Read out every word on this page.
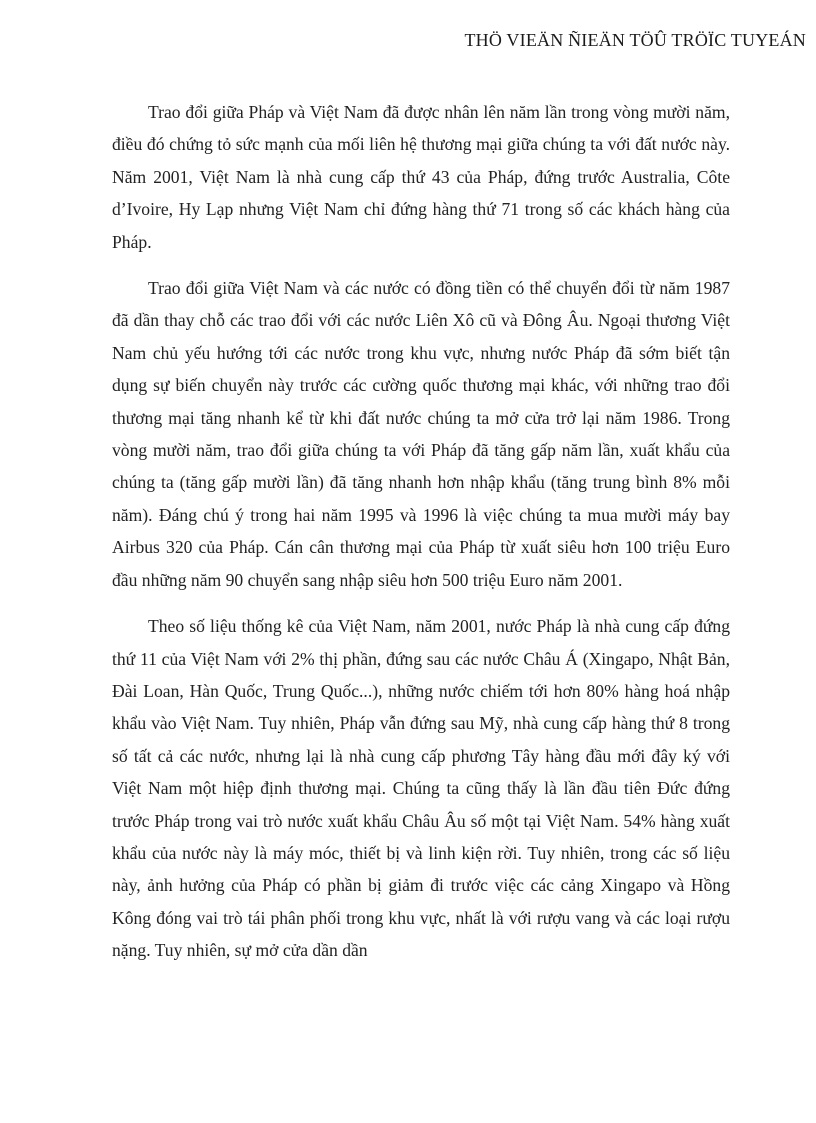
THÖ VIEÄN ÑIEÄN TÖÛ TRÖÏC TUYEÁN

Trao đổi giữa Pháp và Việt Nam đã được nhân lên năm lần trong vòng mười năm, điều đó chứng tỏ sức mạnh của mối liên hệ thương mại giữa chúng ta với đất nước này. Năm 2001, Việt Nam là nhà cung cấp thứ 43 của Pháp, đứng trước Australia, Côte d’Ivoire, Hy Lạp nhưng Việt Nam chỉ đứng hàng thứ 71 trong số các khách hàng của Pháp.

Trao đổi giữa Việt Nam và các nước có đồng tiền có thể chuyển đổi từ năm 1987 đã dần thay chỗ các trao đổi với các nước Liên Xô cũ và Đông Âu. Ngoại thương Việt Nam chủ yếu hướng tới các nước trong khu vực, nhưng nước Pháp đã sớm biết tận dụng sự biến chuyển này trước các cường quốc thương mại khác, với những trao đổi thương mại tăng nhanh kể từ khi đất nước chúng ta mở cửa trở lại năm 1986. Trong vòng mười năm, trao đổi giữa chúng ta với Pháp đã tăng gấp năm lần, xuất khẩu của chúng ta (tăng gấp mười lần) đã tăng nhanh hơn nhập khẩu (tăng trung bình 8% mỗi năm). Đáng chú ý trong hai năm 1995 và 1996 là việc chúng ta mua mười máy bay Airbus 320 của Pháp. Cán cân thương mại của Pháp từ xuất siêu hơn 100 triệu Euro đầu những năm 90 chuyển sang nhập siêu hơn 500 triệu Euro năm 2001.

Theo số liệu thống kê của Việt Nam, năm 2001, nước Pháp là nhà cung cấp đứng thứ 11 của Việt Nam với 2% thị phần, đứng sau các nước Châu Á (Xingapo, Nhật Bản, Đài Loan, Hàn Quốc, Trung Quốc...), những nước chiếm tới hơn 80% hàng hoá nhập khẩu vào Việt Nam. Tuy nhiên, Pháp vẫn đứng sau Mỹ, nhà cung cấp hàng thứ 8 trong số tất cả các nước, nhưng lại là nhà cung cấp phương Tây hàng đầu mới đây ký với Việt Nam một hiệp định thương mại. Chúng ta cũng thấy là lần đầu tiên Đức đứng trước Pháp trong vai trò nước xuất khẩu Châu Âu số một tại Việt Nam. 54% hàng xuất khẩu của nước này là máy móc, thiết bị và linh kiện rời. Tuy nhiên, trong các số liệu này, ảnh hưởng của Pháp có phần bị giảm đi trước việc các cảng Xingapo và Hồng Kông đóng vai trò tái phân phối trong khu vực, nhất là với rượu vang và các loại rượu nặng. Tuy nhiên, sự mở cửa dần dần
